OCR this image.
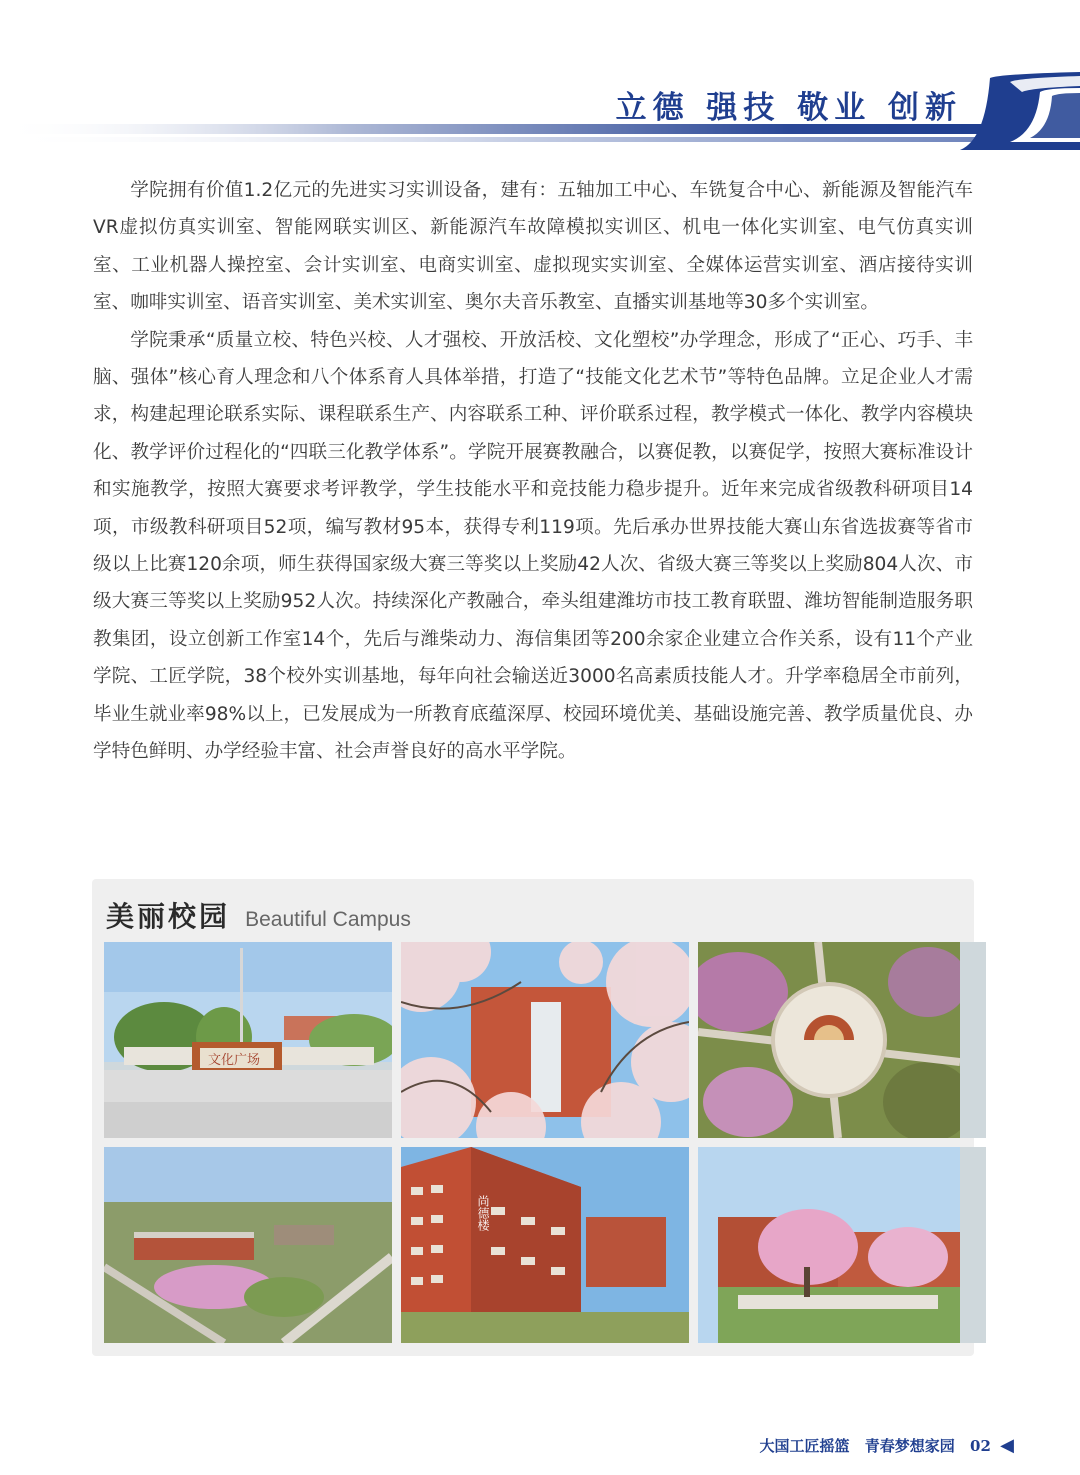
立德 强技 敬业 创新

学院拥有价值1.2亿元的先进实习实训设备，建有：五轴加工中心、车铣复合中心、新能源及智能汽车VR虚拟仿真实训室、智能网联实训区、新能源汽车故障模拟实训区、机电一体化实训室、电气仿真实训室、工业机器人操控室、会计实训室、电商实训室、虚拟现实实训室、全媒体运营实训室、酒店接待实训室、咖啡实训室、语音实训室、美术实训室、奥尔夫音乐教室、直播实训基地等30多个实训室。

学院秉承“质量立校、特色兴校、人才强校、开放活校、文化塑校”办学理念，形成了“正心、巧手、丰脑、强体”核心育人理念和八个体系育人具体举措，打造了“技能文化艺术节”等特色品牌。立足企业人才需求，构建起理论联系实际、课程联系生产、内容联系工种、评价联系过程，教学模式一体化、教学内容模块化、教学评价过程化的“四联三化教学体系”。学院开展赛教融合，以赛促教，以赛促学，按照大赛标准设计和实施教学，按照大赛要求考评教学，学生技能水平和竞技能力稳步提升。近年来完成省级教科研项目14项，市级教科研项目52项，编写教材95本，获得专利119项。先后承办世界技能大赛山东省选拔赛等省市级以上比赛120余项，师生获得国家级大赛三等奖以上奖励42人次、省级大赛三等奖以上奖励804人次、市级大赛三等奖以上奖励952人次。持续深化产教融合，牵头组建潍坊市技工教育联盟、潍坊智能制造服务职教集团，设立创新工作室14个，先后与潍柴动力、海信集团等200余家企业建立合作关系，设有11个产业学院、工匠学院，38个校外实训基地，每年向社会输送近3000名高素质技能人才。升学率稳居全市前列，毕业生就业率98%以上，已发展成为一所教育底蕴深厚、校园环境优美、基础设施完善、教学质量优良、办学特色鲜明、办学经验丰富、社会声誉良好的高水平学院。

美丽校园 Beautiful Campus
文化广场
尚德楼
大国工匠摇篮 青春梦想家园 02 ◀
